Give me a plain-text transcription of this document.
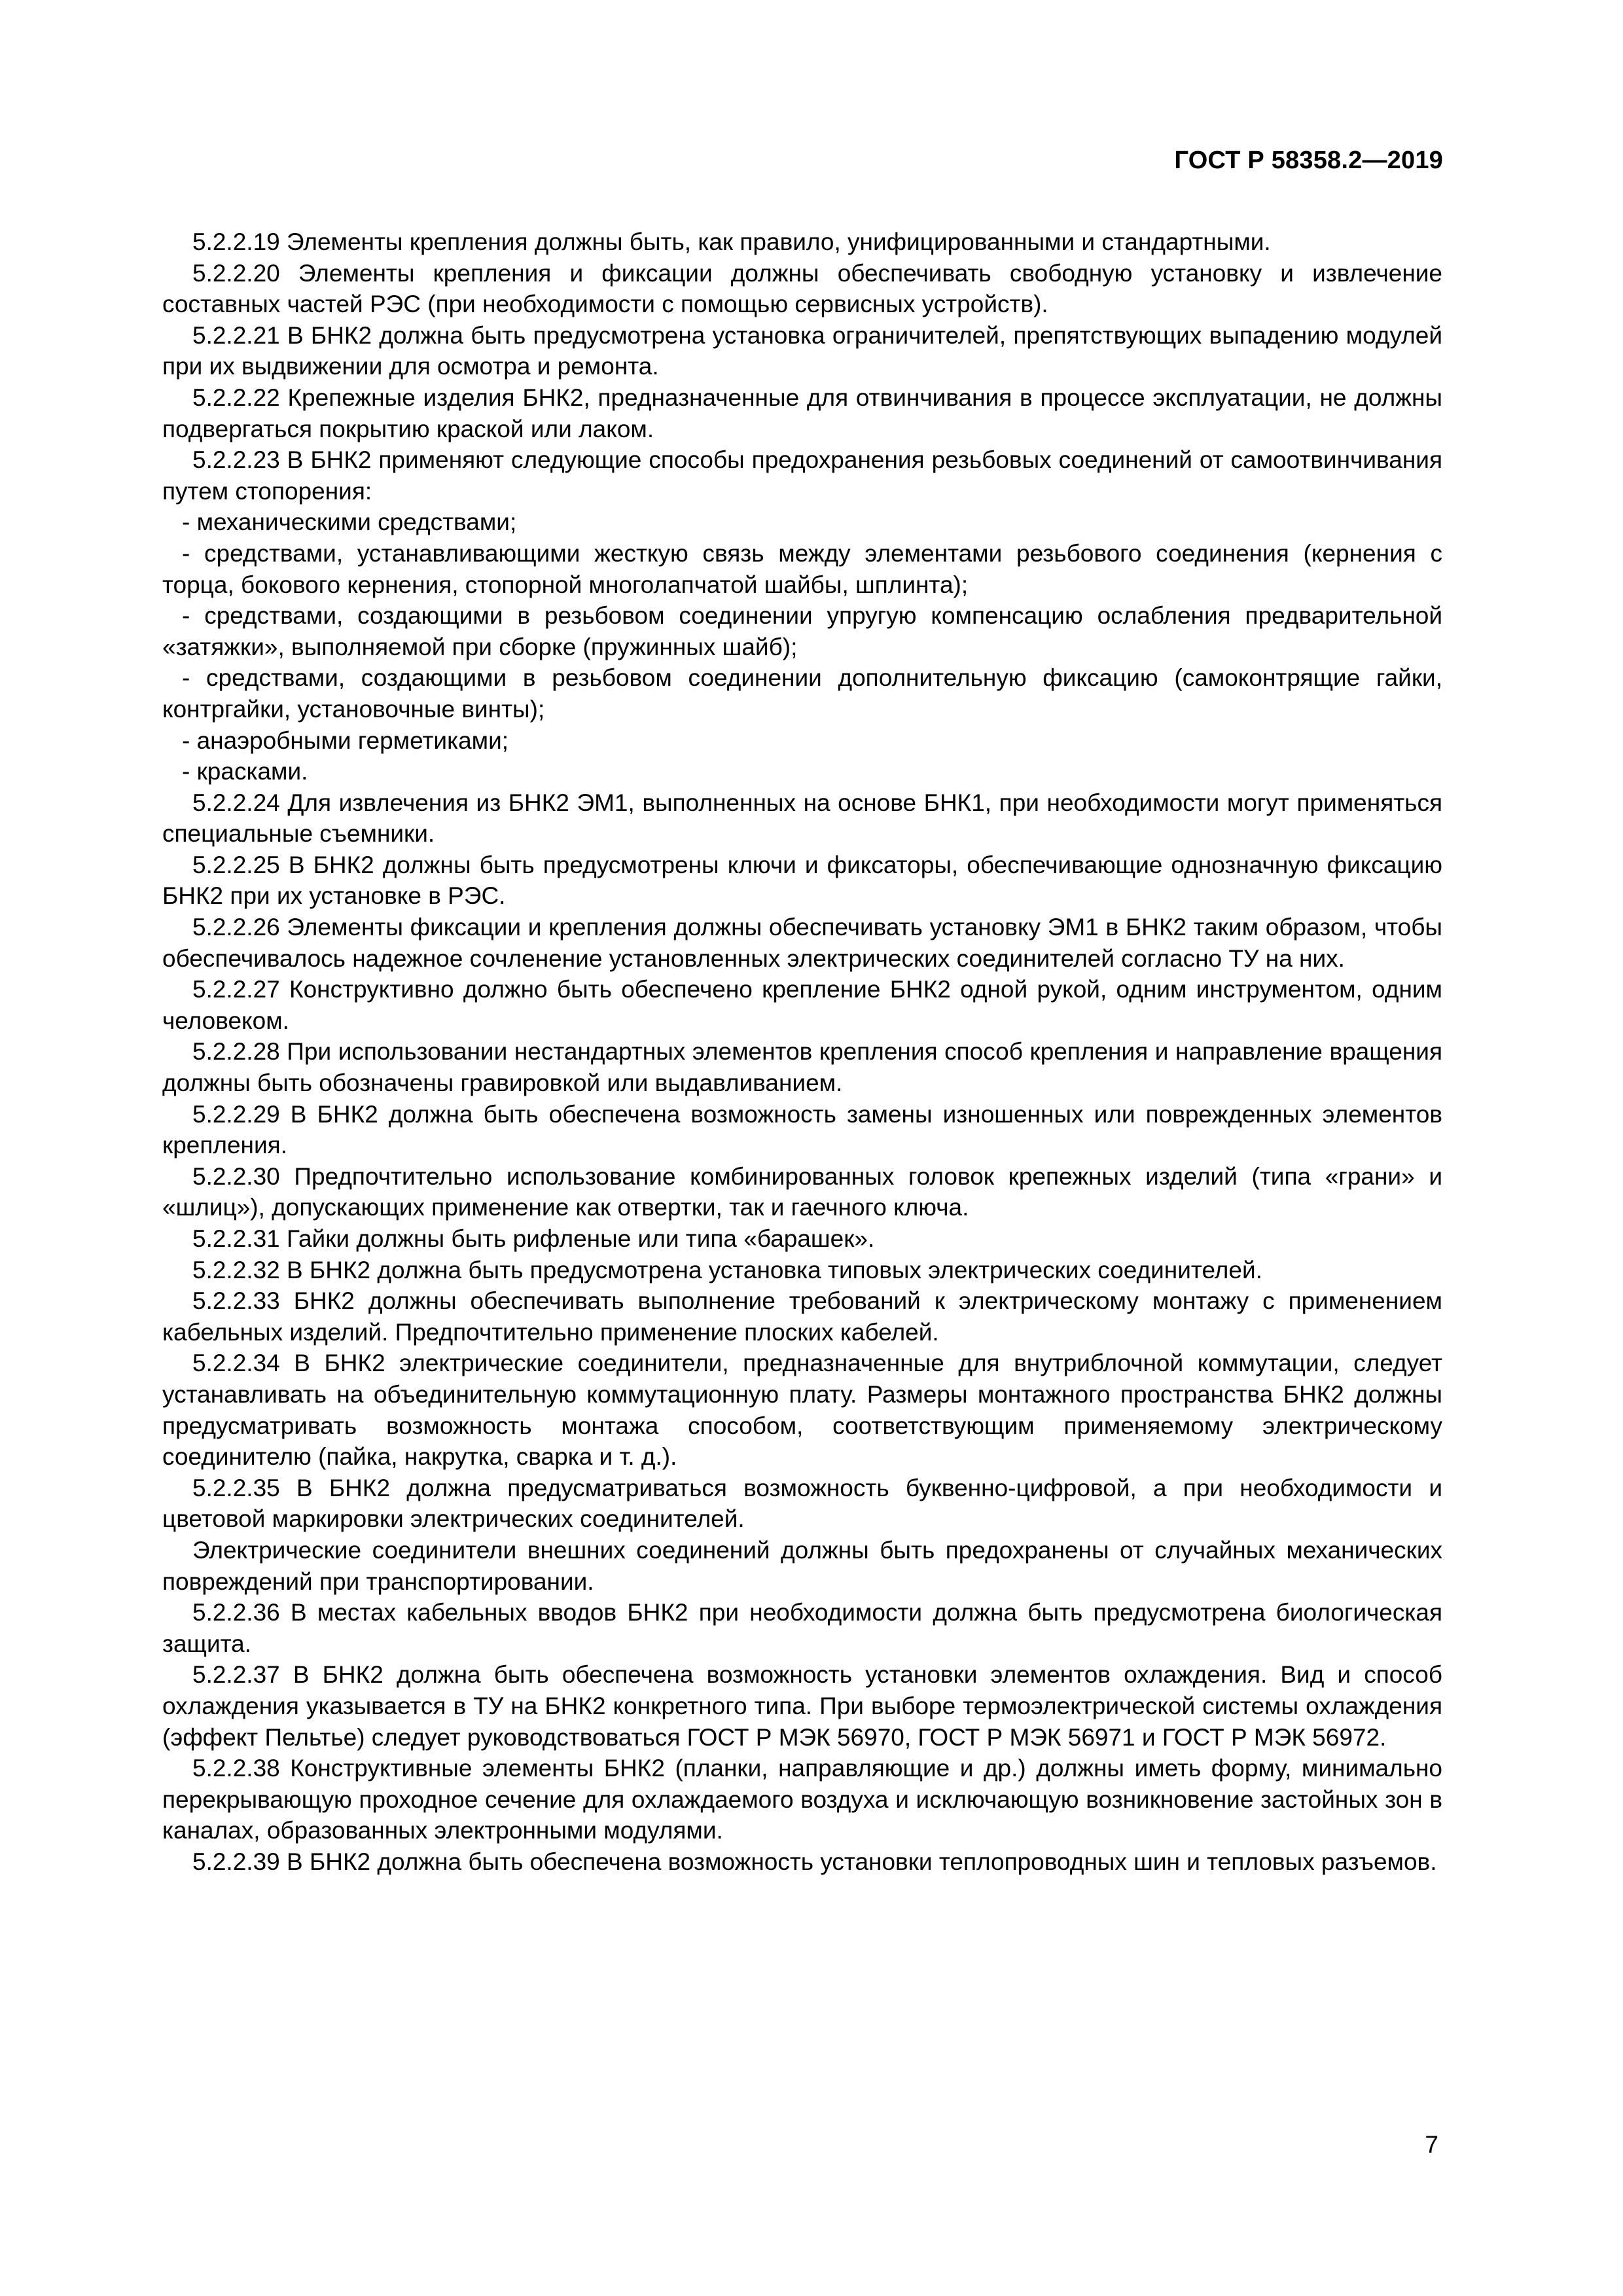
ГОСТ Р 58358.2—2019

5.2.2.19 Элементы крепления должны быть, как правило, унифицированными и стандартными.

5.2.2.20 Элементы крепления и фиксации должны обеспечивать свободную установку и извлечение составных частей РЭС (при необходимости с помощью сервисных устройств).

5.2.2.21 В БНК2 должна быть предусмотрена установка ограничителей, препятствующих выпадению модулей при их выдвижении для осмотра и ремонта.

5.2.2.22 Крепежные изделия БНК2, предназначенные для отвинчивания в процессе эксплуатации, не должны подвергаться покрытию краской или лаком.

5.2.2.23 В БНК2 применяют следующие способы предохранения резьбовых соединений от самоотвинчивания путем стопорения:

- механическими средствами;

- средствами, устанавливающими жесткую связь между элементами резьбового соединения (кернения с торца, бокового кернения, стопорной многолапчатой шайбы, шплинта);

- средствами, создающими в резьбовом соединении упругую компенсацию ослабления предварительной «затяжки», выполняемой при сборке (пружинных шайб);

- средствами, создающими в резьбовом соединении дополнительную фиксацию (самоконтрящие гайки, контргайки, установочные винты);

- анаэробными герметиками;

- красками.

5.2.2.24 Для извлечения из БНК2 ЭМ1, выполненных на основе БНК1, при необходимости могут применяться специальные съемники.

5.2.2.25 В БНК2 должны быть предусмотрены ключи и фиксаторы, обеспечивающие однозначную фиксацию БНК2 при их установке в РЭС.

5.2.2.26 Элементы фиксации и крепления должны обеспечивать установку ЭМ1 в БНК2 таким образом, чтобы обеспечивалось надежное сочленение установленных электрических соединителей согласно ТУ на них.

5.2.2.27 Конструктивно должно быть обеспечено крепление БНК2 одной рукой, одним инструментом, одним человеком.

5.2.2.28 При использовании нестандартных элементов крепления способ крепления и направление вращения должны быть обозначены гравировкой или выдавливанием.

5.2.2.29 В БНК2 должна быть обеспечена возможность замены изношенных или поврежденных элементов крепления.

5.2.2.30 Предпочтительно использование комбинированных головок крепежных изделий (типа «грани» и «шлиц»), допускающих применение как отвертки, так и гаечного ключа.

5.2.2.31 Гайки должны быть рифленые или типа «барашек».

5.2.2.32 В БНК2 должна быть предусмотрена установка типовых электрических соединителей.

5.2.2.33 БНК2 должны обеспечивать выполнение требований к электрическому монтажу с применением кабельных изделий. Предпочтительно применение плоских кабелей.

5.2.2.34 В БНК2 электрические соединители, предназначенные для внутриблочной коммутации, следует устанавливать на объединительную коммутационную плату. Размеры монтажного пространства БНК2 должны предусматривать возможность монтажа способом, соответствующим применяемому электрическому соединителю (пайка, накрутка, сварка и т. д.).

5.2.2.35 В БНК2 должна предусматриваться возможность буквенно-цифровой, а при необходимости и цветовой маркировки электрических соединителей.

Электрические соединители внешних соединений должны быть предохранены от случайных механических повреждений при транспортировании.

5.2.2.36 В местах кабельных вводов БНК2 при необходимости должна быть предусмотрена биологическая защита.

5.2.2.37 В БНК2 должна быть обеспечена возможность установки элементов охлаждения. Вид и способ охлаждения указывается в ТУ на БНК2 конкретного типа. При выборе термоэлектрической системы охлаждения (эффект Пельтье) следует руководствоваться ГОСТ Р МЭК 56970, ГОСТ Р МЭК 56971 и ГОСТ Р МЭК 56972.

5.2.2.38 Конструктивные элементы БНК2 (планки, направляющие и др.) должны иметь форму, минимально перекрывающую проходное сечение для охлаждаемого воздуха и исключающую возникновение застойных зон в каналах, образованных электронными модулями.

5.2.2.39 В БНК2 должна быть обеспечена возможность установки теплопроводных шин и тепловых разъемов.

7
